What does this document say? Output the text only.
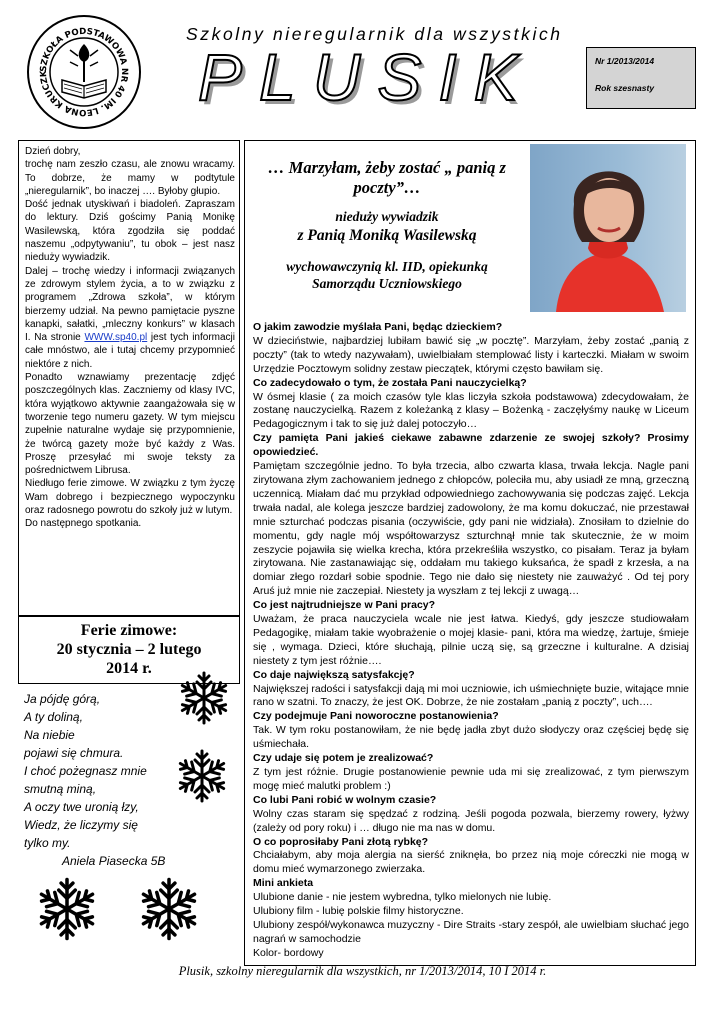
SZKOŁA PODSTAWOWA NR 40 IM. LEONA KRUCZK
Szkolny nieregularnik dla wszystkich
PLUSIK	Nr 1/2013/2014
Rok szesnasty

Dzień dobry,

trochę nam zeszło czasu, ale znowu wracamy. To dobrze, że mamy w podtytule „nieregularnik”, bo inaczej …. Byłoby głupio.

Dość jednak utyskiwań i biadoleń. Zapraszam do lektury. Dziś gościmy Panią Monikę Wasilewską, która zgodziła się poddać naszemu „odpytywaniu”, tu obok – jest nasz nieduży wywiadzik.

Dalej – trochę wiedzy i informacji związanych ze zdrowym stylem życia, a to w związku z programem „Zdrowa szkoła”, w którym bierzemy udział. Na pewno pamiętacie pyszne kanapki, sałatki, „mleczny konkurs” w klasach I. Na stronie WWW.sp40.pl jest tych informacji całe mnóstwo, ale i tutaj chcemy przypomnieć niektóre z nich.

Ponadto wznawiamy prezentację zdjęć poszczególnych klas. Zaczniemy od klasy IVC, która wyjątkowo aktywnie zaangażowała się w tworzenie tego numeru gazety. W tym miejscu zupełnie naturalne wydaje się przypomnienie, że twórcą gazety może być każdy z Was. Proszę przesyłać mi swoje teksty za pośrednictwem Librusa.

Niedługo ferie zimowe. W związku z tym życzę Wam dobrego i bezpiecznego wypoczynku oraz radosnego powrotu do szkoły już w lutym.

Do następnego spotkania.

Ferie zimowe:
20 stycznia – 2 lutego
2014 r.
Ja pójdę górą,
A ty doliną,
Na niebie
pojawi się chmura.
I choć pożegnasz mnie
smutną miną,
A oczy twe uronią łzy,
Wiedz, że liczymy się
tylko my.
Aniela Piasecka 5B
… Marzyłam, żeby zostać „ panią z poczty”…
nieduży wywiadzik
z Panią Moniką Wasilewską
wychowawczynią kl. IID, opiekunką Samorządu Uczniowskiego
O jakim zawodzie myślała Pani, będąc dzieckiem?
W dzieciństwie, najbardziej lubiłam bawić się „w pocztę”. Marzyłam, żeby zostać „panią z poczty” (tak to wtedy nazywałam), uwielbiałam stemplować listy i karteczki. Miałam w swoim Urzędzie Pocztowym solidny zestaw pieczątek, którymi często bawiłam się.
Co zadecydowało o tym, że została Pani nauczycielką?
W ósmej klasie ( za moich czasów tyle klas liczyła szkoła podstawowa) zdecydowałam, że zostanę nauczycielką. Razem z koleżanką z klasy – Bożenką - zaczęłyśmy naukę w Liceum Pedagogicznym i tak to się już dalej potoczyło…
Czy pamięta Pani jakieś ciekawe zabawne zdarzenie ze swojej szkoły? Prosimy opowiedzieć.
Pamiętam szczególnie jedno. To była trzecia, albo czwarta klasa, trwała lekcja. Nagle pani zirytowana złym zachowaniem jednego z chłopców, poleciła mu, aby usiadł ze mną, grzeczną uczennicą. Miałam dać mu przykład odpowiedniego zachowywania się podczas zajęć. Lekcja trwała nadal, ale kolega jeszcze bardziej zadowolony, że ma komu dokuczać, nie przestawał mnie szturchać podczas pisania (oczywiście, gdy pani nie widziała). Znosiłam to dzielnie do momentu, gdy nagle mój współtowarzysz szturchnął mnie tak skutecznie, że w moim zeszycie pojawiła się wielka krecha, która przekreśliła wszystko, co pisałam. Teraz ja byłam zirytowana. Nie zastanawiając się, oddałam mu takiego kuksańca, że spadł z krzesła, a na domiar złego rozdarł sobie spodnie. Tego nie dało się niestety nie zauważyć . Od tej pory Aruś już mnie nie zaczepiał. Niestety ja wyszłam z tej lekcji z uwagą…
Co jest najtrudniejsze w Pani pracy?
Uważam, że praca nauczyciela wcale nie jest łatwa. Kiedyś, gdy jeszcze studiowałam Pedagogikę, miałam takie wyobrażenie o mojej klasie- pani, która ma wiedzę, żartuje, śmieje się , wymaga. Dzieci, które słuchają, pilnie uczą się, są grzeczne i kulturalne. A dzisiaj niestety z tym jest różnie….
Co daje największą satysfakcję?
Największej radości i satysfakcji dają mi moi uczniowie, ich uśmiechnięte buzie, witające mnie rano w szatni. To znaczy, że jest OK. Dobrze, że nie zostałam „panią z poczty”, uch….
Czy podejmuje Pani noworoczne postanowienia?
Tak. W tym roku postanowiłam, że nie będę jadła zbyt dużo słodyczy oraz częściej będę się uśmiechała.
Czy udaje się potem je zrealizować?
Z tym jest różnie. Drugie postanowienie pewnie uda mi się zrealizować, z tym pierwszym mogę mieć malutki problem :)
Co lubi Pani robić w wolnym czasie?
Wolny czas staram się spędzać z rodziną. Jeśli pogoda pozwala, bierzemy rowery, łyżwy (zależy od pory roku) i … długo nie ma nas w domu.
O co poprosiłaby Pani złotą rybkę?
Chciałabym, aby moja alergia na sierść zniknęła, bo przez nią moje córeczki nie mogą w domu mieć wymarzonego zwierzaka.
Mini ankieta
Ulubione danie - nie jestem wybredna, tylko mielonych nie lubię.
Ulubiony film - lubię polskie filmy historyczne.
Ulubiony zespół/wykonawca muzyczny - Dire Straits -stary zespół, ale uwielbiam słuchać jego nagrań w samochodzie
Kolor- bordowy
Plusik, szkolny nieregularnik dla wszystkich, nr 1/2013/2014, 10 I 2014 r.
